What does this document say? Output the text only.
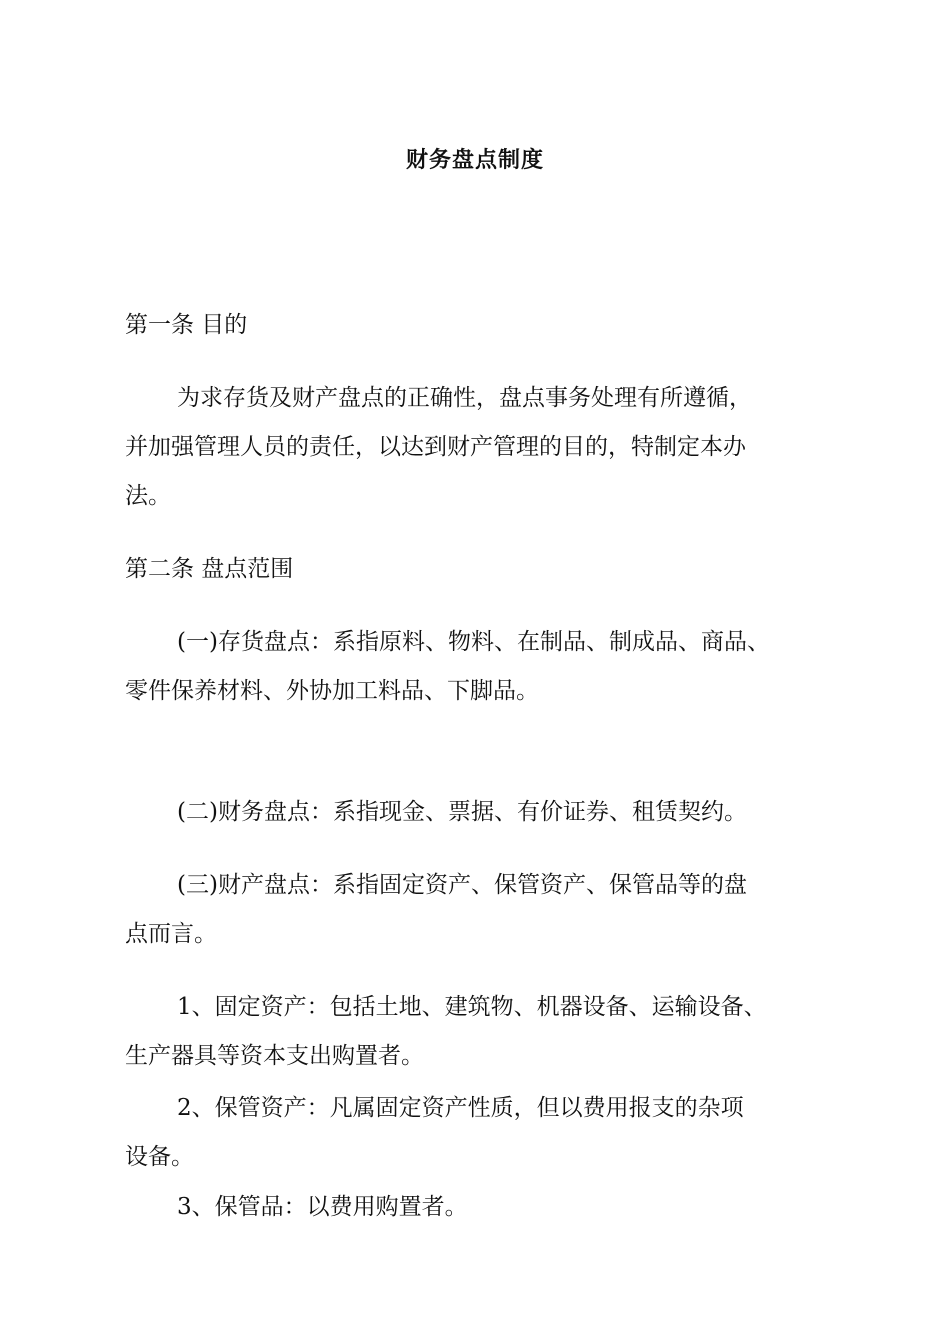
财务盘点制度
第一条 目的
为求存货及财产盘点的正确性，盘点事务处理有所遵循，
并加强管理人员的责任，以达到财产管理的目的，特制定本办
法。
第二条 盘点范围
(一)存货盘点：系指原料、物料、在制品、制成品、商品、
零件保养材料、外协加工料品、下脚品。
(二)财务盘点：系指现金、票据、有价证券、租赁契约。
(三)财产盘点：系指固定资产、保管资产、保管品等的盘
点而言。
1、固定资产：包括土地、建筑物、机器设备、运输设备、
生产器具等资本支出购置者。
2、保管资产：凡属固定资产性质，但以费用报支的杂项
设备。
3、保管品：以费用购置者。
